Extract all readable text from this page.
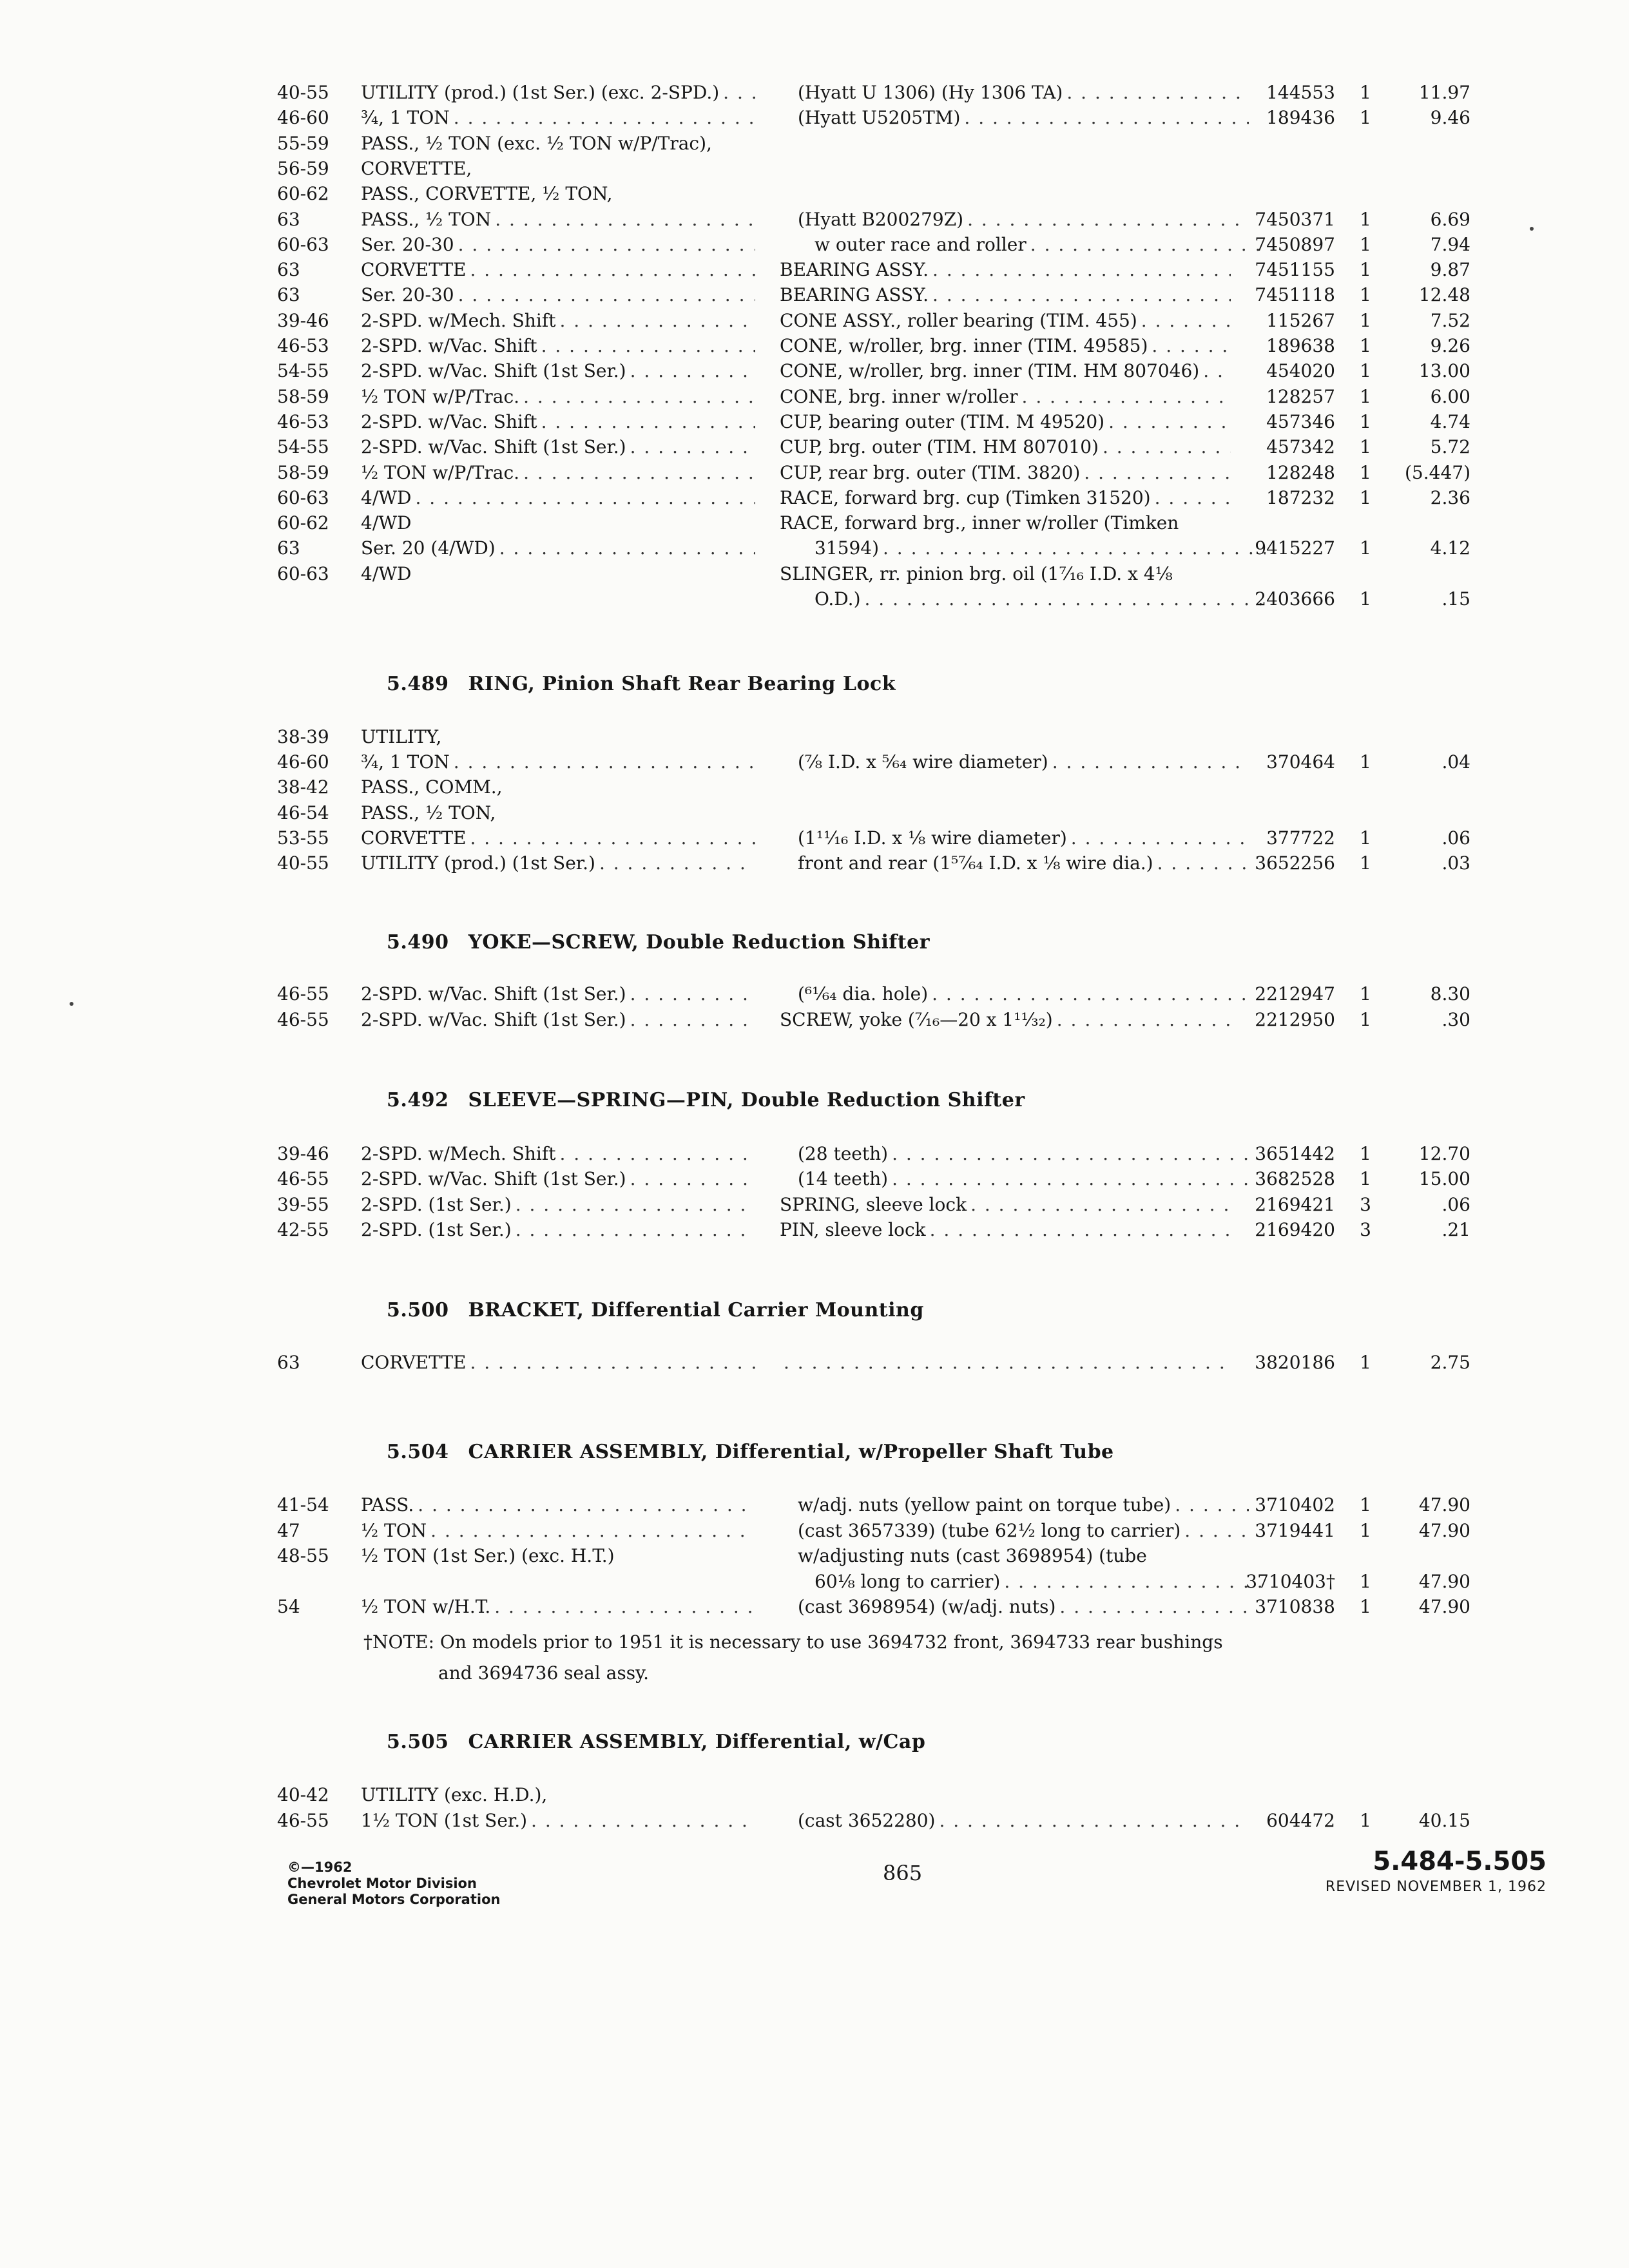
40-55	UTILITY (prod.) (1st Ser.) (exc. 2-SPD.) . . .	(Hyatt U 1306) (Hy 1306 TA) . . .	144553	1	11.97
46-60	¾, 1 TON . . .	(Hyatt U5205TM) . . .	189436	1	9.46
55-59	PASS., ½ TON (exc. ½ TON w/P/Trac),
56-59	CORVETTE,
60-62	PASS., CORVETTE, ½ TON,
63	PASS., ½ TON . . .	(Hyatt B200279Z) . . .	7450371	1	6.69
60-63	Ser. 20-30 . . .	w outer race and roller . . .	7450897	1	7.94
63	CORVETTE . . .	BEARING ASSY. . . .	7451155	1	9.87
63	Ser. 20-30 . . .	BEARING ASSY. . . .	7451118	1	12.48
39-46	2-SPD. w/Mech. Shift . . .	CONE ASSY., roller bearing (TIM. 455) . . .	115267	1	7.52
46-53	2-SPD. w/Vac. Shift . . .	CONE, w/roller, brg. inner (TIM. 49585) . . .	189638	1	9.26
54-55	2-SPD. w/Vac. Shift (1st Ser.) . . .	CONE, w/roller, brg. inner (TIM. HM 807046) . . .	454020	1	13.00
58-59	½ TON w/P/Trac. . . .	CONE, brg. inner w/roller . . .	128257	1	6.00
46-53	2-SPD. w/Vac. Shift . . .	CUP, bearing outer (TIM. M 49520) . . .	457346	1	4.74
54-55	2-SPD. w/Vac. Shift (1st Ser.) . . .	CUP, brg. outer (TIM. HM 807010) . . .	457342	1	5.72
58-59	½ TON w/P/Trac. . . .	CUP, rear brg. outer (TIM. 3820) . . .	128248	1	(5.447)
60-63	4/WD . . .	RACE, forward brg. cup (Timken 31520) . . .	187232	1	2.36
60-62	4/WD	RACE, forward brg., inner w/roller (Timken
63	Ser. 20 (4/WD) . . .	31594) . . .	9415227	1	4.12
60-63	4/WD	SLINGER, rr. pinion brg. oil (1⁷⁄₁₆ I.D. x 4⅛
O.D.) . . .	2403666	1	.15
5.489 RING, Pinion Shaft Rear Bearing Lock
38-39	UTILITY,
46-60	¾, 1 TON . . .	(⅞ I.D. x ⁵⁄₆₄ wire diameter) . . .	370464	1	.04
38-42	PASS., COMM.,
46-54	PASS., ½ TON,
53-55	CORVETTE . . .	(1¹¹⁄₁₆ I.D. x ⅛ wire diameter) . . .	377722	1	.06
40-55	UTILITY (prod.) (1st Ser.) . . .	front and rear (1⁵⁷⁄₆₄ I.D. x ⅛ wire dia.) . . .	3652256	1	.03
5.490 YOKE—SCREW, Double Reduction Shifter
46-55	2-SPD. w/Vac. Shift (1st Ser.) . . .	(⁶¹⁄₆₄ dia. hole) . . .	2212947	1	8.30
46-55	2-SPD. w/Vac. Shift (1st Ser.) . . .	SCREW, yoke (⁷⁄₁₆—20 x 1¹¹⁄₃₂) . . .	2212950	1	.30
5.492 SLEEVE—SPRING—PIN, Double Reduction Shifter
39-46	2-SPD. w/Mech. Shift . . .	(28 teeth) . . .	3651442	1	12.70
46-55	2-SPD. w/Vac. Shift (1st Ser.) . . .	(14 teeth) . . .	3682528	1	15.00
39-55	2-SPD. (1st Ser.) . . .	SPRING, sleeve lock . . .	2169421	3	.06
42-55	2-SPD. (1st Ser.) . . .	PIN, sleeve lock . . .	2169420	3	.21
5.500 BRACKET, Differential Carrier Mounting
63	CORVETTE . . .
. . .	3820186	1	2.75
5.504 CARRIER ASSEMBLY, Differential, w/Propeller Shaft Tube
41-54	PASS. . . .	w/adj. nuts (yellow paint on torque tube) . . .	3710402	1	47.90
47	½ TON . . .	(cast 3657339) (tube 62½ long to carrier) . . .	3719441	1	47.90
48-55	½ TON (1st Ser.) (exc. H.T.)	w/adjusting nuts (cast 3698954) (tube
60⅛ long to carrier) . . .	3710403†	1	47.90
54	½ TON w/H.T. . . .	(cast 3698954) (w/adj. nuts) . . .	3710838	1	47.90
†NOTE: On models prior to 1951 it is necessary to use 3694732 front, 3694733 rear bushings
and 3694736 seal assy.
5.505 CARRIER ASSEMBLY, Differential, w/Cap
40-42	UTILITY (exc. H.D.),
46-55	1½ TON (1st Ser.) . . .	(cast 3652280) . . .	604472	1	40.15
©—1962
Chevrolet Motor Division
General Motors Corporation
865	5.484-5.505
REVISED NOVEMBER 1, 1962
